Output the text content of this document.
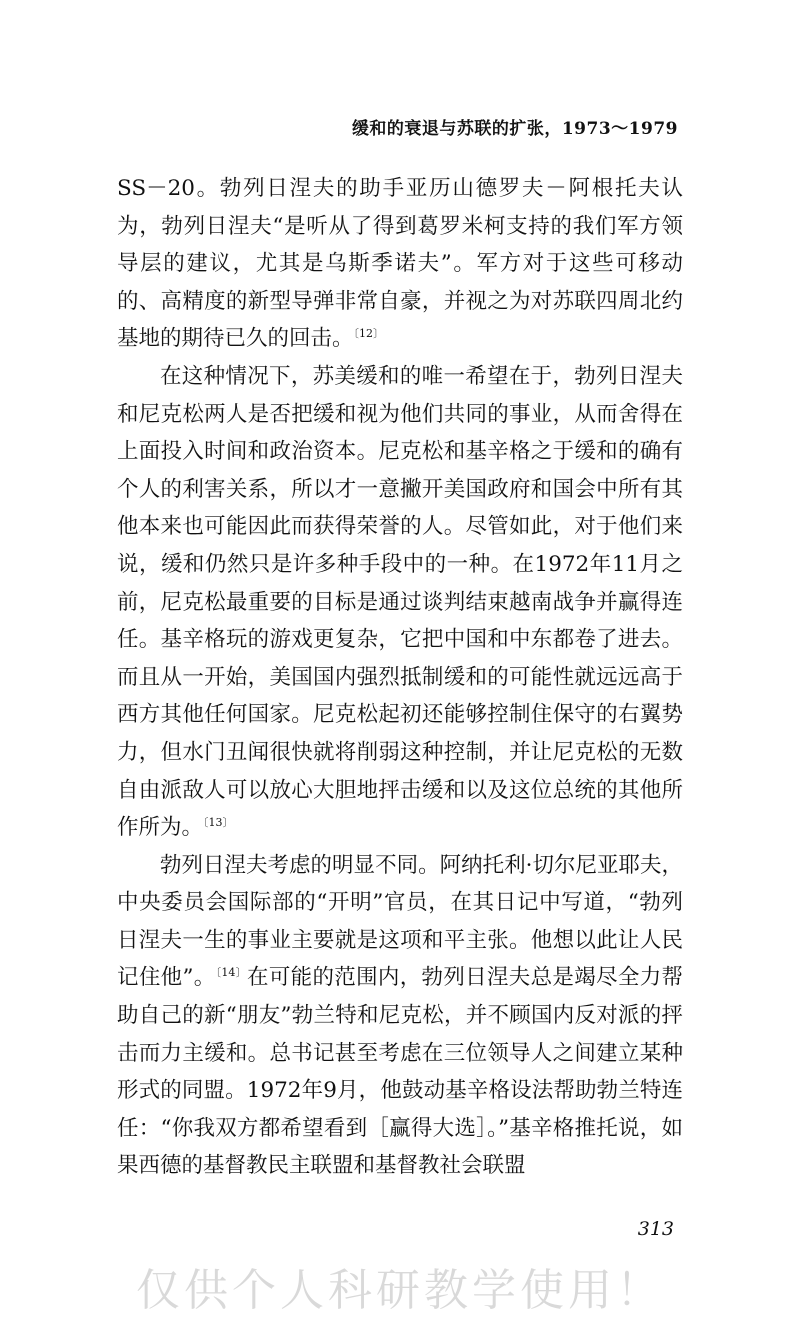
缓和的衰退与苏联的扩张，1973～1979

SS－20。勃列日涅夫的助手亚历山德罗夫－阿根托夫认为，勃列日涅夫“是听从了得到葛罗米柯支持的我们军方领导层的建议，尤其是乌斯季诺夫”。军方对于这些可移动的、高精度的新型导弹非常自豪，并视之为对苏联四周北约基地的期待已久的回击。$^{〔12〕}$

在这种情况下，苏美缓和的唯一希望在于，勃列日涅夫和尼克松两人是否把缓和视为他们共同的事业，从而舍得在上面投入时间和政治资本。尼克松和基辛格之于缓和的确有个人的利害关系，所以才一意撇开美国政府和国会中所有其他本来也可能因此而获得荣誉的人。尽管如此，对于他们来说，缓和仍然只是许多种手段中的一种。在1972年11月之前，尼克松最重要的目标是通过谈判结束越南战争并赢得连任。基辛格玩的游戏更复杂，它把中国和中东都卷了进去。而且从一开始，美国国内强烈抵制缓和的可能性就远远高于西方其他任何国家。尼克松起初还能够控制住保守的右翼势力，但水门丑闻很快就将削弱这种控制，并让尼克松的无数自由派敌人可以放心大胆地抨击缓和以及这位总统的其他所作所为。$^{〔13〕}$

勃列日涅夫考虑的明显不同。阿纳托利·切尔尼亚耶夫，中央委员会国际部的“开明”官员，在其日记中写道，“勃列日涅夫一生的事业主要就是这项和平主张。他想以此让人民记住他”。$^{〔14〕}$在可能的范围内，勃列日涅夫总是竭尽全力帮助自己的新“朋友”勃兰特和尼克松，并不顾国内反对派的抨击而力主缓和。总书记甚至考虑在三位领导人之间建立某种形式的同盟。1972年9月，他鼓动基辛格设法帮助勃兰特连任：“你我双方都希望看到［赢得大选］。”基辛格推托说，如果西德的基督教民主联盟和基督教社会联盟

313
仅供个人科研教学使用！
